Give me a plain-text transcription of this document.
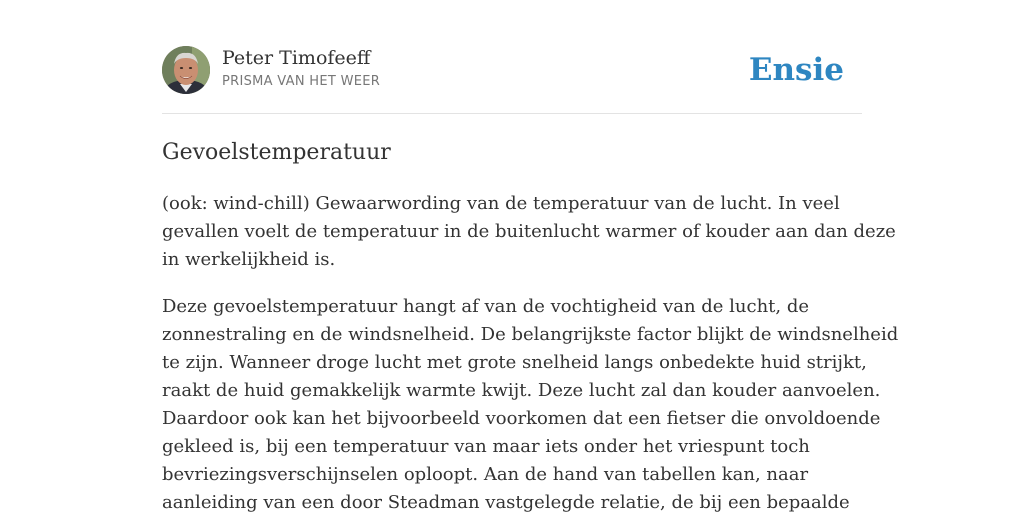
Peter Timofeeff
PRISMA VAN HET WEER	Ensie
Gevoelstemperatuur

(ook: wind-chill) Gewaarwording van de temperatuur van de lucht. In veel
gevallen voelt de temperatuur in de buitenlucht warmer of kouder aan dan deze
in werkelijkheid is.

Deze gevoelstemperatuur hangt af van de vochtigheid van de lucht, de
zonnestraling en de windsnelheid. De belangrijkste factor blijkt de windsnelheid
te zijn. Wanneer droge lucht met grote snelheid langs onbedekte huid strijkt,
raakt de huid gemakkelijk warmte kwijt. Deze lucht zal dan kouder aanvoelen.
Daardoor ook kan het bijvoorbeeld voorkomen dat een fietser die onvoldoende
gekleed is, bij een temperatuur van maar iets onder het vriespunt toch
bevriezingsverschijnselen oploopt. Aan de hand van tabellen kan, naar
aanleiding van een door Steadman vastgelegde relatie, de bij een bepaalde
